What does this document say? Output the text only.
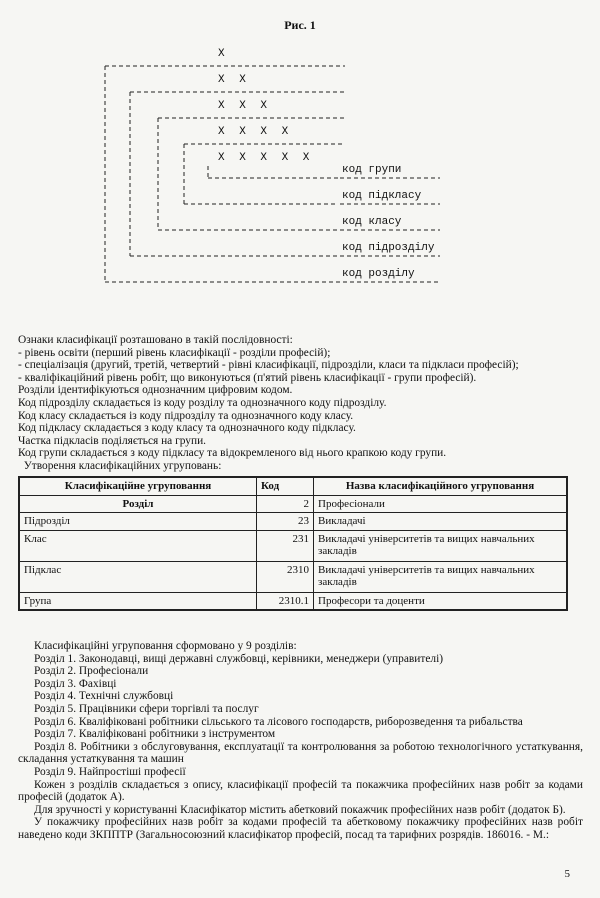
Рис. 1
X
X X
X X X
X X X X
X X X X X
код групи
код підкласу
код класу
код підрозділу
код розділу

Ознаки класифікації розташовано в такій послідовності:

- рівень освіти (перший рівень класифікації - розділи професій);

- спеціалізація (другий, третій, четвертий - рівні класифікації, підрозділи, класи та підкласи професій);

- кваліфікаційний рівень робіт, що виконуються (п'ятий рівень класифікації - групи професій).

Розділи ідентифікуються однозначним цифровим кодом.

Код підрозділу складається із коду розділу та однозначного коду підрозділу.

Код класу складається із коду підрозділу та однозначного коду класу.

Код підкласу складається з коду класу та однозначного коду підкласу.

Частка підкласів поділяється на групи.

Код групи складається з коду підкласу та відокремленого від нього крапкою коду групи.

Утворення класифікаційних угруповань:

Класифікаційне угруповання	Код	Назва класифікаційного угруповання
Розділ	2	Професіонали
Підрозділ	23	Викладачі
Клас	231	Викладачі університетів та вищих навчальних закладів
Підклас	2310	Викладачі університетів та вищих навчальних закладів
Група	2310.1	Професори та доценти

Класифікаційні угруповання сформовано у 9 розділів:

Розділ 1. Законодавці, вищі державні службовці, керівники, менеджери (управителі)

Розділ 2. Професіонали

Розділ 3. Фахівці

Розділ 4. Технічні службовці

Розділ 5. Працівники сфери торгівлі та послуг

Розділ 6. Кваліфіковані робітники сільського та лісового господарств, риборозведення та рибальства

Розділ 7. Кваліфіковані робітники з інструментом

Розділ 8. Робітники з обслуговування, експлуатації та контролювання за роботою технологічного устаткування, складання устаткування та машин

Розділ 9. Найпростіші професії

Кожен з розділів складається з опису, класифікації професій та покажчика професійних назв робіт за кодами професій (додаток А).

Для зручності у користуванні Класифікатор містить абетковий покажчик професійних назв робіт (додаток Б).

У покажчику професійних назв робіт за кодами професій та абетковому покажчику професійних назв робіт наведено коди ЗКППТР (Загальносоюзний класифікатор професій, посад та тарифних розрядів. 186016. - М.:

5
